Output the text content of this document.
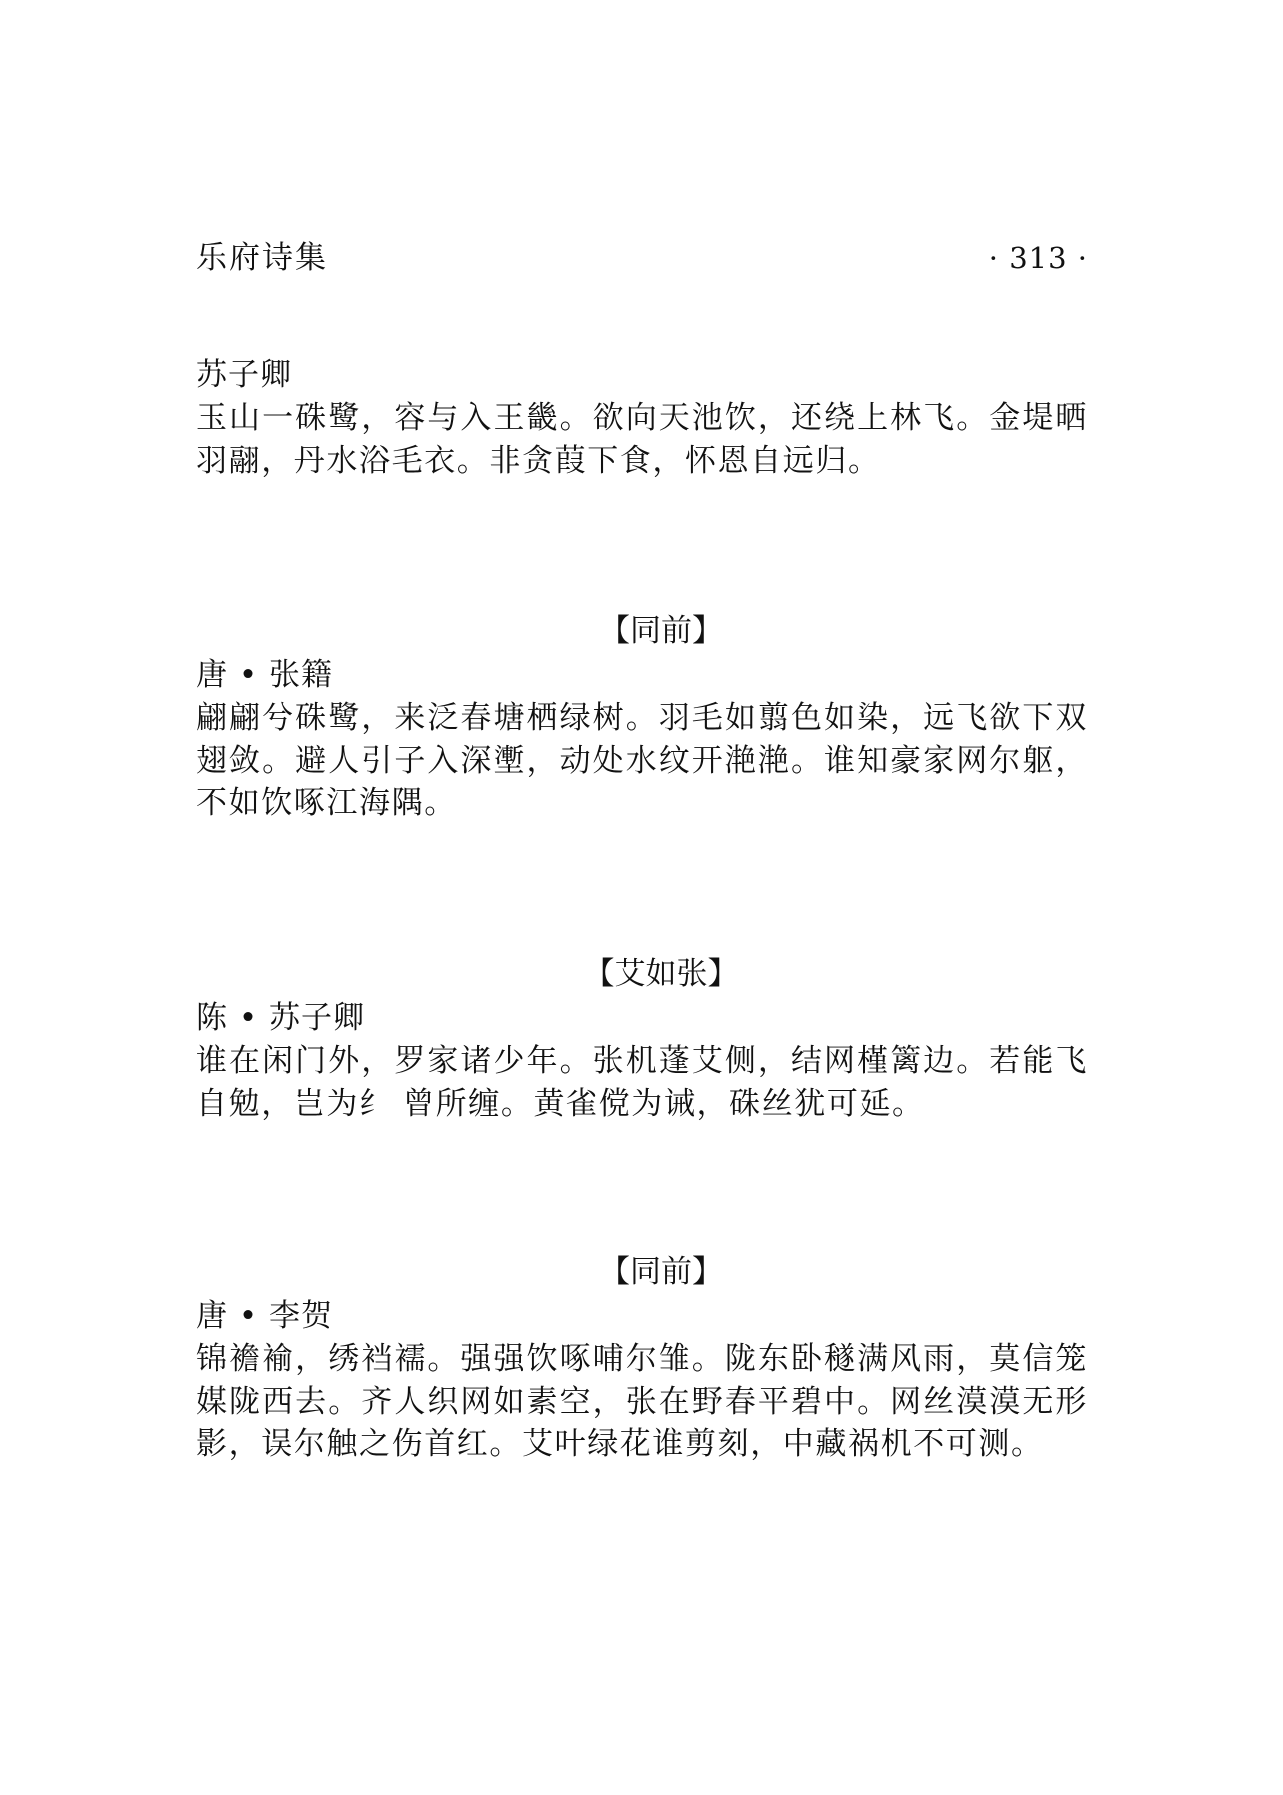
乐府诗集	· 313 ·

苏子卿

玉山一硃鹭，容与入王畿。欲向天池饮，还绕上林飞。金堤晒羽翮，丹水浴毛衣。非贪葭下食，怀恩自远归。

【同前】

唐 • 张籍

翩翩兮硃鹭，来泛春塘栖绿树。羽毛如翦色如染，远飞欲下双翅敛。避人引子入深壍，动处水纹开滟滟。谁知豪家网尔躯，不如饮啄江海隅。

【艾如张】

陈 • 苏子卿

谁在闲门外，罗家诸少年。张机蓬艾侧，结网槿篱边。若能飞自勉，岂为纟 曾所缠。黄雀傥为诫，硃丝犹可延。

【同前】

唐 • 李贺

锦襜褕，绣裆襦。强强饮啄哺尔雏。陇东卧穟满风雨，莫信笼媒陇西去。齐人织网如素空，张在野春平碧中。网丝漠漠无形影，误尔触之伤首红。艾叶绿花谁剪刻，中藏祸机不可测。
